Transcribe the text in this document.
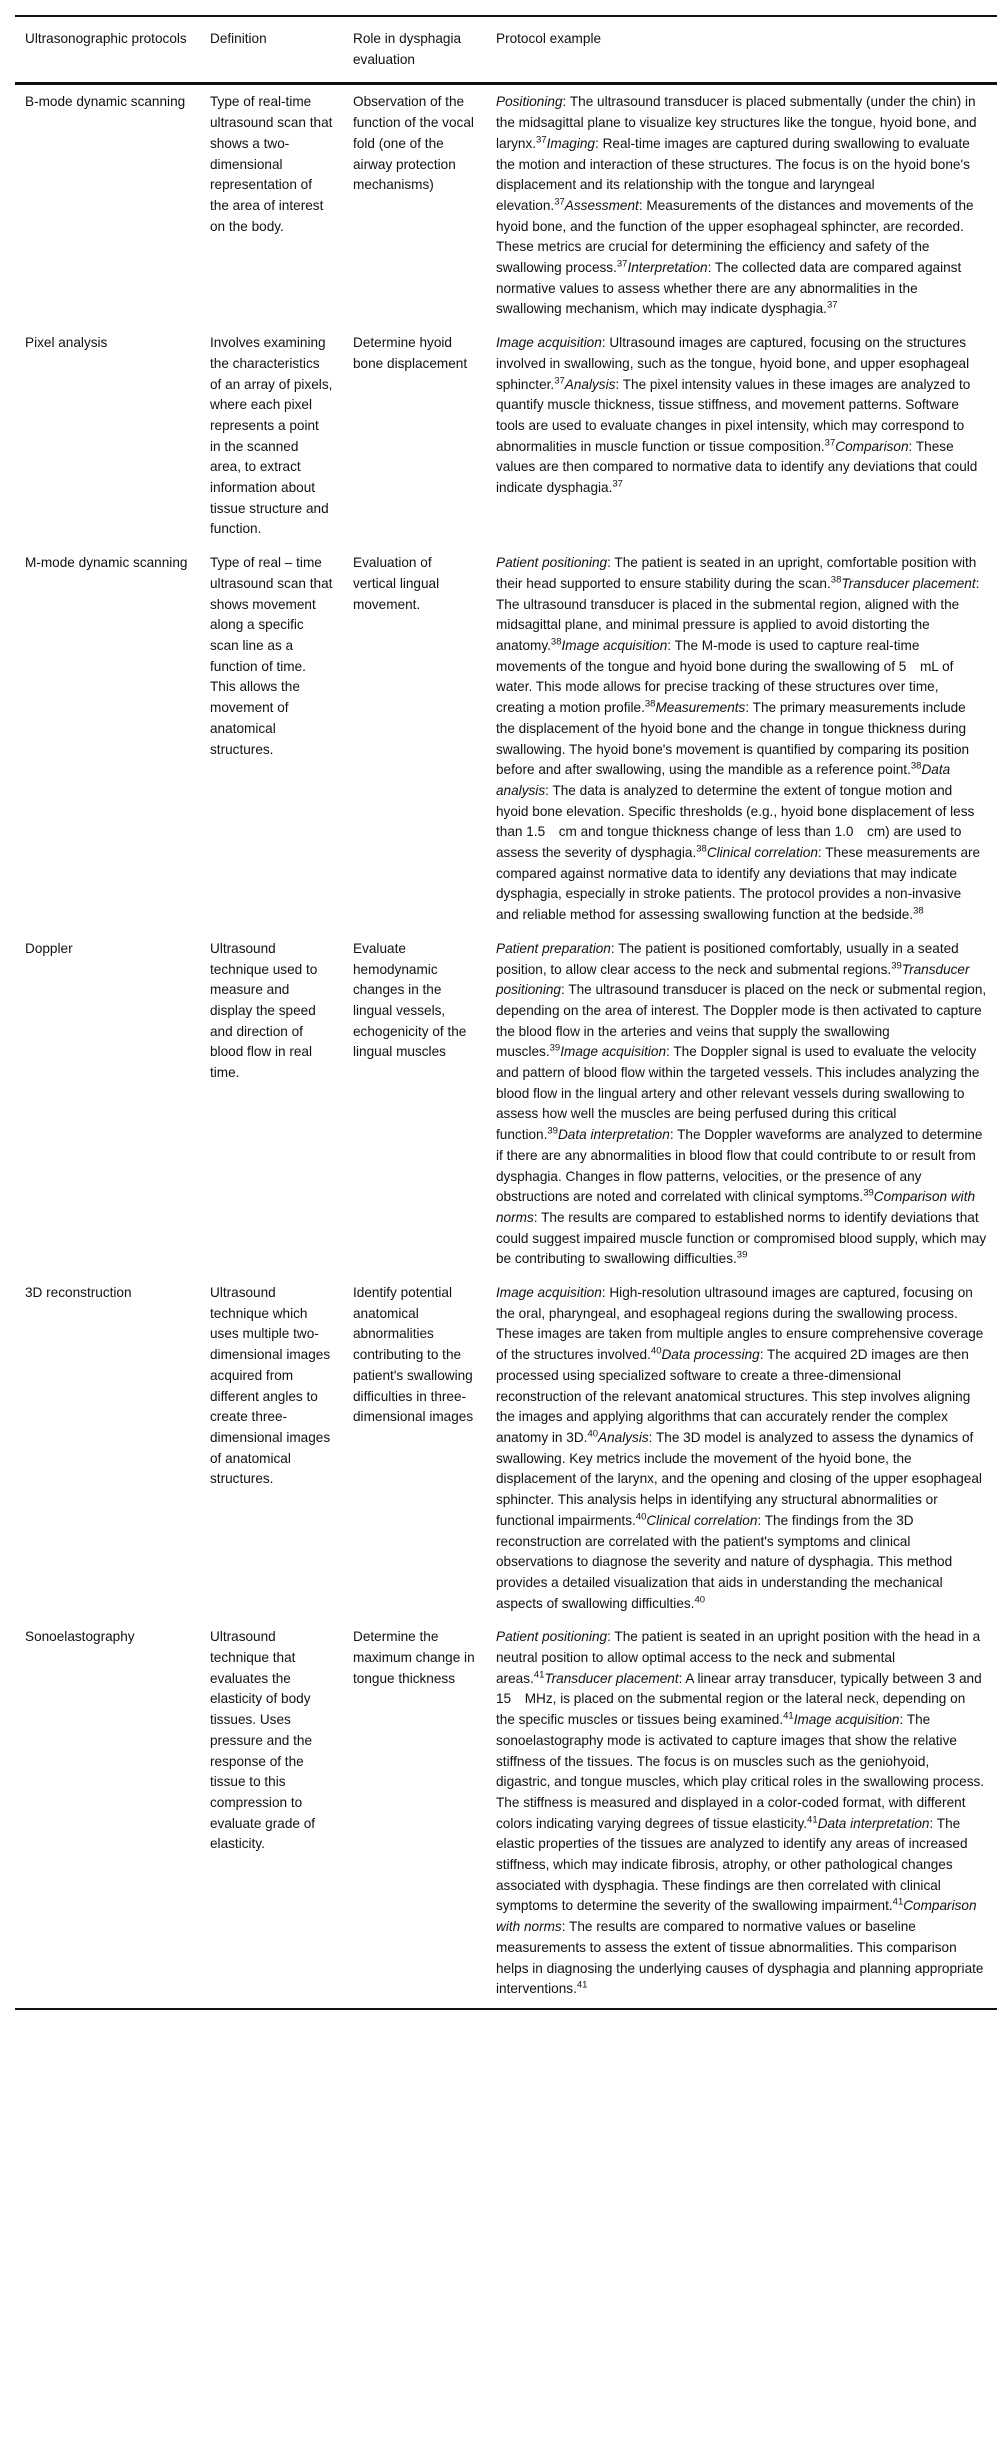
Ultrasonographic protocols	Definition	Role in dysphagia evaluation	Protocol example
B-mode dynamic scanning	Type of real-time ultrasound scan that shows a two-dimensional representation of the area of interest on the body.	Observation of the function of the vocal fold (one of the airway protection mechanisms)	Positioning: The ultrasound transducer is placed submentally (under the chin) in the midsagittal plane to visualize key structures like the tongue, hyoid bone, and larynx.$^{37}$Imaging: Real-time images are captured during swallowing to evaluate the motion and interaction of these structures. The focus is on the hyoid bone's displacement and its relationship with the tongue and laryngeal elevation.$^{37}$Assessment: Measurements of the distances and movements of the hyoid bone, and the function of the upper esophageal sphincter, are recorded. These metrics are crucial for determining the efficiency and safety of the swallowing process.$^{37}$Interpretation: The collected data are compared against normative values to assess whether there are any abnormalities in the swallowing mechanism, which may indicate dysphagia.$^{37}$
Pixel analysis	Involves examining the characteristics of an array of pixels, where each pixel represents a point in the scanned area, to extract information about tissue structure and function.	Determine hyoid bone displacement	Image acquisition: Ultrasound images are captured, focusing on the structures involved in swallowing, such as the tongue, hyoid bone, and upper esophageal sphincter.$^{37}$Analysis: The pixel intensity values in these images are analyzed to quantify muscle thickness, tissue stiffness, and movement patterns. Software tools are used to evaluate changes in pixel intensity, which may correspond to abnormalities in muscle function or tissue composition.$^{37}$Comparison: These values are then compared to normative data to identify any deviations that could indicate dysphagia.$^{37}$
M-mode dynamic scanning	Type of real – time ultrasound scan that shows movement along a specific scan line as a function of time. This allows the movement of anatomical structures.	Evaluation of vertical lingual movement.	Patient positioning: The patient is seated in an upright, comfortable position with their head supported to ensure stability during the scan.$^{38}$Transducer placement: The ultrasound transducer is placed in the submental region, aligned with the midsagittal plane, and minimal pressure is applied to avoid distorting the anatomy.$^{38}$Image acquisition: The M-mode is used to capture real-time movements of the tongue and hyoid bone during the swallowing of 5 mL of water. This mode allows for precise tracking of these structures over time, creating a motion profile.$^{38}$Measurements: The primary measurements include the displacement of the hyoid bone and the change in tongue thickness during swallowing. The hyoid bone's movement is quantified by comparing its position before and after swallowing, using the mandible as a reference point.$^{38}$Data analysis: The data is analyzed to determine the extent of tongue motion and hyoid bone elevation. Specific thresholds (e.g., hyoid bone displacement of less than 1.5 cm and tongue thickness change of less than 1.0 cm) are used to assess the severity of dysphagia.$^{38}$Clinical correlation: These measurements are compared against normative data to identify any deviations that may indicate dysphagia, especially in stroke patients. The protocol provides a non-invasive and reliable method for assessing swallowing function at the bedside.$^{38}$
Doppler	Ultrasound technique used to measure and display the speed and direction of blood flow in real time.	Evaluate hemodynamic changes in the lingual vessels, echogenicity of the lingual muscles	Patient preparation: The patient is positioned comfortably, usually in a seated position, to allow clear access to the neck and submental regions.$^{39}$Transducer positioning: The ultrasound transducer is placed on the neck or submental region, depending on the area of interest. The Doppler mode is then activated to capture the blood flow in the arteries and veins that supply the swallowing muscles.$^{39}$Image acquisition: The Doppler signal is used to evaluate the velocity and pattern of blood flow within the targeted vessels. This includes analyzing the blood flow in the lingual artery and other relevant vessels during swallowing to assess how well the muscles are being perfused during this critical function.$^{39}$Data interpretation: The Doppler waveforms are analyzed to determine if there are any abnormalities in blood flow that could contribute to or result from dysphagia. Changes in flow patterns, velocities, or the presence of any obstructions are noted and correlated with clinical symptoms.$^{39}$Comparison with norms: The results are compared to established norms to identify deviations that could suggest impaired muscle function or compromised blood supply, which may be contributing to swallowing difficulties.$^{39}$
3D reconstruction	Ultrasound technique which uses multiple two-dimensional images acquired from different angles to create three-dimensional images of anatomical structures.	Identify potential anatomical abnormalities contributing to the patient's swallowing difficulties in three-dimensional images	Image acquisition: High-resolution ultrasound images are captured, focusing on the oral, pharyngeal, and esophageal regions during the swallowing process. These images are taken from multiple angles to ensure comprehensive coverage of the structures involved.$^{40}$Data processing: The acquired 2D images are then processed using specialized software to create a three-dimensional reconstruction of the relevant anatomical structures. This step involves aligning the images and applying algorithms that can accurately render the complex anatomy in 3D.$^{40}$Analysis: The 3D model is analyzed to assess the dynamics of swallowing. Key metrics include the movement of the hyoid bone, the displacement of the larynx, and the opening and closing of the upper esophageal sphincter. This analysis helps in identifying any structural abnormalities or functional impairments.$^{40}$Clinical correlation: The findings from the 3D reconstruction are correlated with the patient's symptoms and clinical observations to diagnose the severity and nature of dysphagia. This method provides a detailed visualization that aids in understanding the mechanical aspects of swallowing difficulties.$^{40}$
Sonoelastography	Ultrasound technique that evaluates the elasticity of body tissues. Uses pressure and the response of the tissue to this compression to evaluate grade of elasticity.	Determine the maximum change in tongue thickness	Patient positioning: The patient is seated in an upright position with the head in a neutral position to allow optimal access to the neck and submental areas.$^{41}$Transducer placement: A linear array transducer, typically between 3 and 15 MHz, is placed on the submental region or the lateral neck, depending on the specific muscles or tissues being examined.$^{41}$Image acquisition: The sonoelastography mode is activated to capture images that show the relative stiffness of the tissues. The focus is on muscles such as the geniohyoid, digastric, and tongue muscles, which play critical roles in the swallowing process. The stiffness is measured and displayed in a color-coded format, with different colors indicating varying degrees of tissue elasticity.$^{41}$Data interpretation: The elastic properties of the tissues are analyzed to identify any areas of increased stiffness, which may indicate fibrosis, atrophy, or other pathological changes associated with dysphagia. These findings are then correlated with clinical symptoms to determine the severity of the swallowing impairment.$^{41}$Comparison with norms: The results are compared to normative values or baseline measurements to assess the extent of tissue abnormalities. This comparison helps in diagnosing the underlying causes of dysphagia and planning appropriate interventions.$^{41}$
